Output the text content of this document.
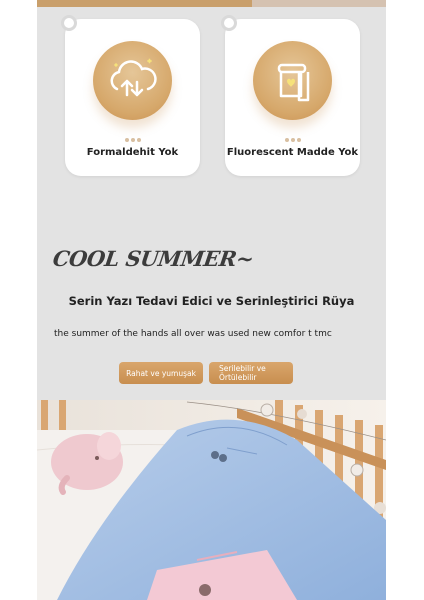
Formaldehit Yok	Fluorescent Madde Yok
COOL SUMMER~
Serin Yazı Tedavi Edici ve Serinleştirici Rüya
the summer of the hands all over was used new comfor t tmc
Rahat ve yumuşak	Serilebilir ve Örtülebilir
